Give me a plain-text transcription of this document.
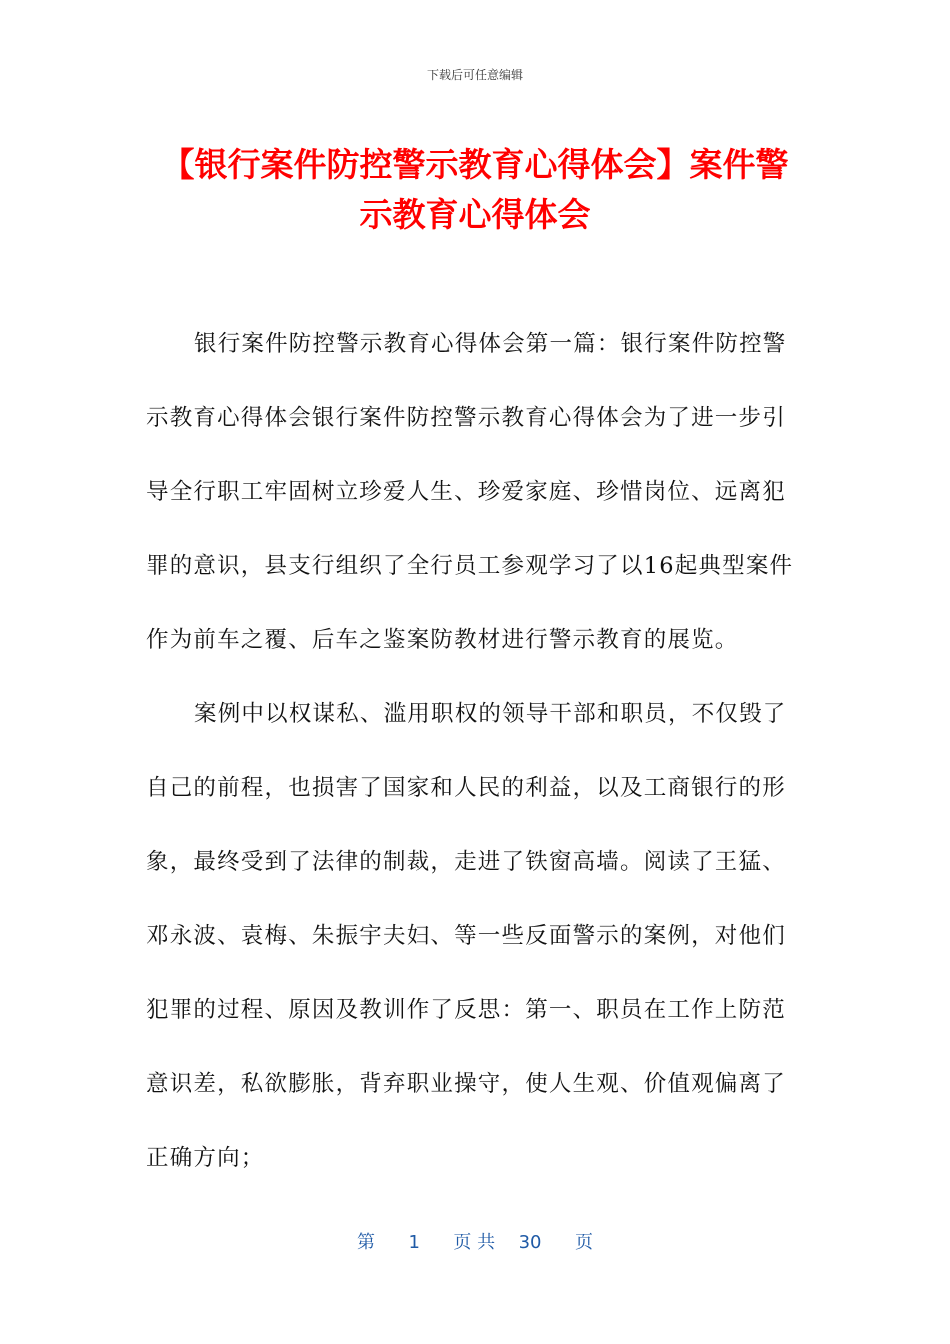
下载后可任意编辑
【银行案件防控警示教育心得体会】案件警
示教育心得体会
银行案件防控警示教育心得体会第一篇：银行案件防控警
示教育心得体会银行案件防控警示教育心得体会为了进一步引
导全行职工牢固树立珍爱人生、珍爱家庭、珍惜岗位、远离犯
罪的意识，县支行组织了全行员工参观学习了以16起典型案件
作为前车之覆、后车之鉴案防教材进行警示教育的展览。
案例中以权谋私、滥用职权的领导干部和职员，不仅毁了
自己的前程，也损害了国家和人民的利益，以及工商银行的形
象，最终受到了法律的制裁，走进了铁窗高墙。阅读了王猛、
邓永波、袁梅、朱振宇夫妇、等一些反面警示的案例，对他们
犯罪的过程、原因及教训作了反思：第一、职员在工作上防范
意识差，私欲膨胀，背弃职业操守，使人生观、价值观偏离了
正确方向；
第 1 页 共 30 页
